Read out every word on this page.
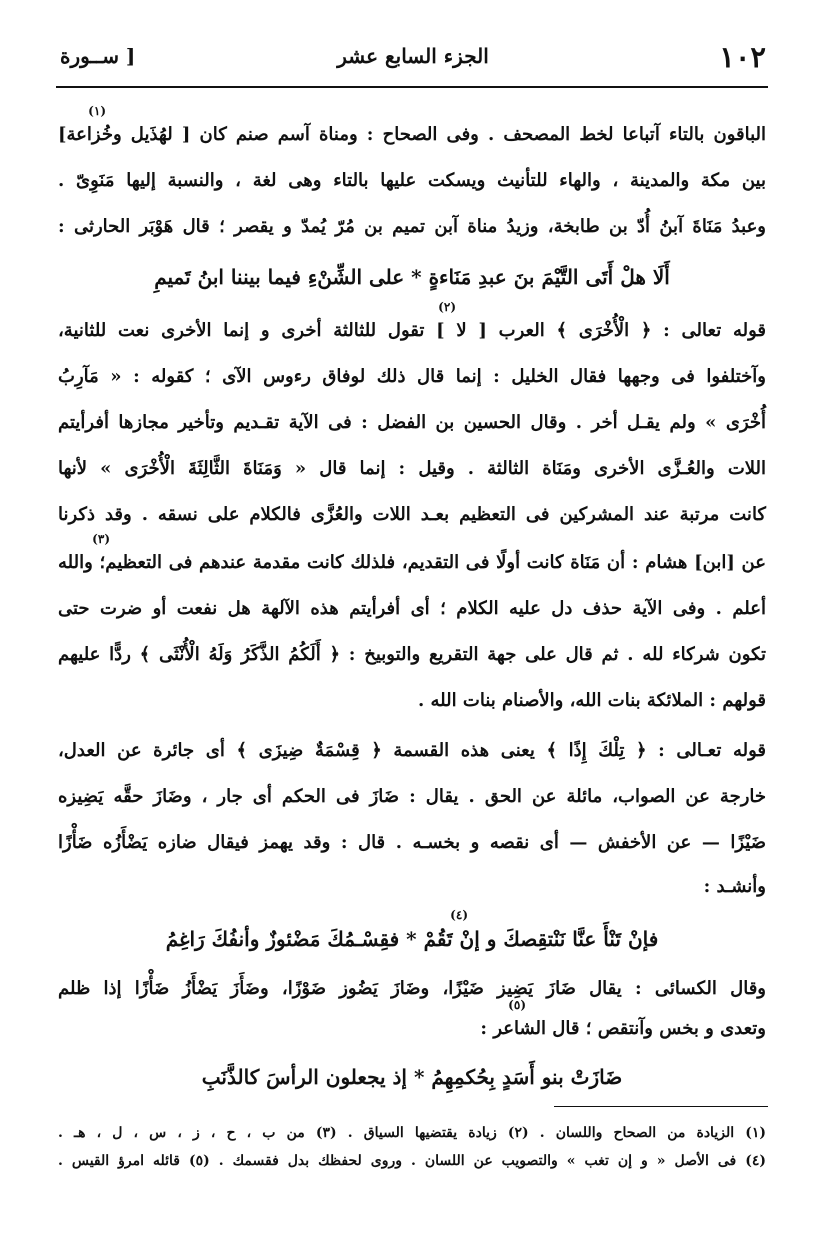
١٠٢
الجزء السابع عشر
[ ســورة
الباقون بالتاء آتباعا لخط المصحف . وفى الصحاح : ومناة آسم صنم كان [ لهُذَيل وخُزاعة]
بين مكة والمدينة ، والهاء للتأنيث ويسكت عليها بالتاء وهى لغة ، والنسبة إليها مَنَوِىّ .
وعبدُ مَنَاةَ آبنُ أُدّ بن طابخة، وزيدُ مناة آبن تميم بن مُرّ يُمدّ و يقصر ؛ قال هَوْبَر الحارثى :
أَلَا هلْ أَتَى التَّيْمَ بنَ عبدِ مَنَاءةٍ * على الشِّنْءِ فيما بيننا ابنُ تَميمِ
قوله تعالى : ﴿ الْأُخْرَى ﴾ العرب [ لا ] تقول للثالثة أخرى و إنما الأخرى نعت للثانية،
وآختلفوا فى وجهها فقال الخليل : إنما قال ذلك لوفاق رءوس الآى ؛ كقوله : « مَآرِبُ
أُخْرَى » ولم يقـل أخر . وقال الحسين بن الفضل : فى الآية تقـديم وتأخير مجازها أفرأيتم
اللات والعُـزَّى الأخرى ومَنَاة الثالثة . وقيل : إنما قال « وَمَنَاةَ الثَّالِثَةَ الْأُخْرَى » لأنها
كانت مرتبة عند المشركين فى التعظيم بعـد اللات والعُزَّى فالكلام على نسقه . وقد ذكرنا
عن [ابن] هشام : أن مَنَاة كانت أولًا فى التقديم، فلذلك كانت مقدمة عندهم فى التعظيم؛ والله
أعلم . وفى الآية حذف دل عليه الكلام ؛ أى أفرأيتم هذه الآلهة هل نفعت أو ضرت حتى
تكون شركاء لله . ثم قال على جهة التقريع والتوبيخ : ﴿ أَلَكُمُ الذَّكَرُ وَلَهُ الْأُنْثَى ﴾ ردًّا عليهم
قولهم : الملائكة بنات الله، والأصنام بنات الله .
قوله تعـالى : ﴿ تِلْكَ إِذًا ﴾ يعنى هذه القسمة ﴿ قِسْمَةٌ ضِيزَى ﴾ أى جائرة عن العدل،
خارجة عن الصواب، مائلة عن الحق . يقال : ضَازَ فى الحكم أى جار ، وضَازَ حقَّه يَضِيزه
ضَيْزًا — عن الأخفش — أى نقصه و بخسـه . قال : وقد يهمز فيقال ضازه يَضْأَزُه ضَأْزًا
وأنشـد :
فإنْ تَنْأَ عنَّا نَنْتقِصكَ و إنْ تَقُمْ * فقِسْـمُكَ مَضْئوزٌ وأنفُكَ رَاغِمُ
وقال الكسائى : يقال ضَازَ يَضِيز ضَيْزًا، وضَازَ يَضُوز ضَوْزًا، وضَأَزَ يَضْأَزُ ضَأْزًا إذا ظلم
وتعدى و بخس وآنتقص ؛ قال الشاعر :
ضَازَتْ بنو أَسَدٍ بِحُكمِهِمُ * إذ يجعلون الرأسَ كالذَّنَبِ
(١)
(٢)
(٣)
(٤)
(٥)
(١) الزيادة من الصحاح واللسان . (٢) زيادة يقتضيها السياق . (٣) من ب ، ح ، ز ، س ، ل ، هـ .
(٤) فى الأصل « و إن تغب » والتصويب عن اللسان . وروى لحفظك بدل فقسمك . (٥) قائله امرؤ القيس .
